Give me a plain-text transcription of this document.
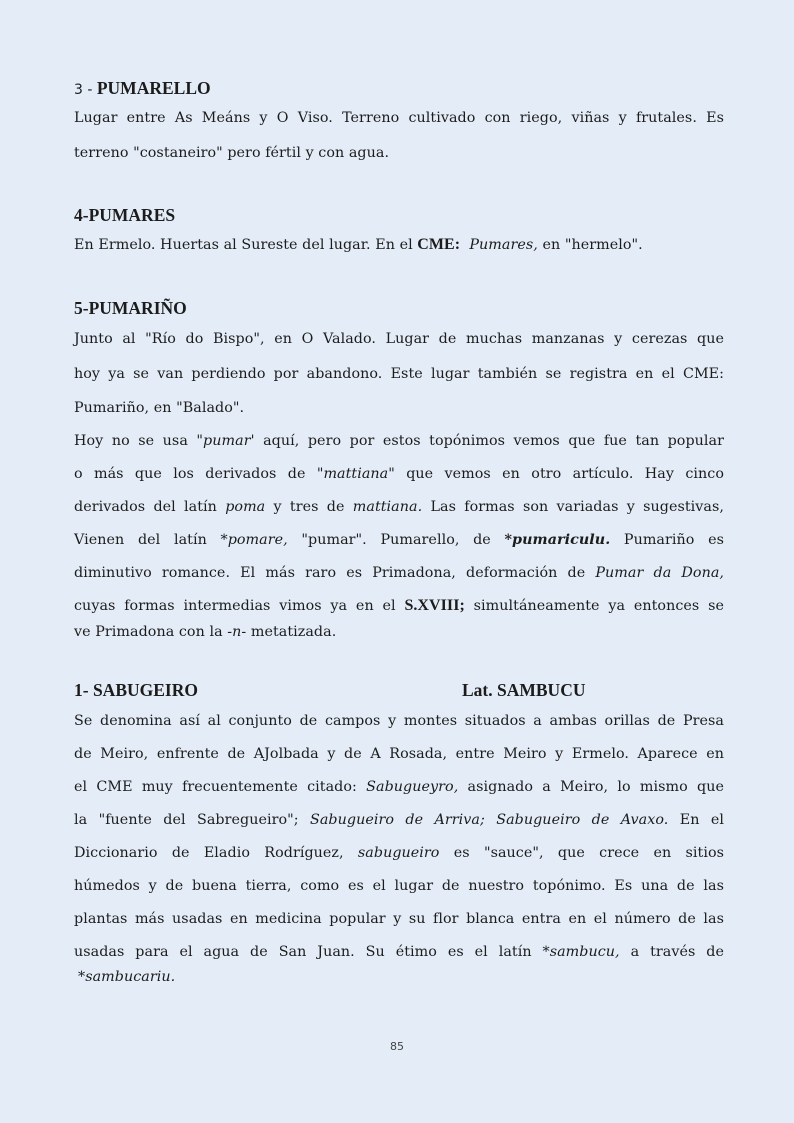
3 - PUMARELLO
Lugar entre As Meáns y O Viso. Terreno cultivado con riego, viñas y frutales. Es
terreno "costaneiro" pero fértil y con agua.
4-PUMARES
En Ermelo. Huertas al Sureste del lugar. En el CME: Pumares, en "hermelo".
5-PUMARIÑO
Junto al "Río do Bispo", en O Valado. Lugar de muchas manzanas y cerezas que
hoy ya se van perdiendo por abandono. Este lugar también se registra en el CME:
Pumariño, en "Balado".
Hoy no se usa "pumar' aquí, pero por estos topónimos vemos que fue tan popular
o más que los derivados de "mattiana" que vemos en otro artículo. Hay cinco
derivados del latín poma y tres de mattiana. Las formas son variadas y sugestivas,
Vienen del latín *pomare, "pumar". Pumarello, de *pumariculu. Pumariño es
diminutivo romance. El más raro es Primadona, deformación de Pumar da Dona,
cuyas formas intermedias vimos ya en el S.XVIII; simultáneamente ya entonces se
ve Primadona con la -n- metatizada.
1- SABUGEIRO	Lat. SAMBUCU
Se denomina así al conjunto de campos y montes situados a ambas orillas de Presa
de Meiro, enfrente de AJolbada y de A Rosada, entre Meiro y Ermelo. Aparece en
el CME muy frecuentemente citado: Sabugueyro, asignado a Meiro, lo mismo que
la "fuente del Sabregueiro"; Sabugueiro de Arriva; Sabugueiro de Avaxo. En el
Diccionario de Eladio Rodríguez, sabugueiro es "sauce", que crece en sitios
húmedos y de buena tierra, como es el lugar de nuestro topónimo. Es una de las
plantas más usadas en medicina popular y su flor blanca entra en el número de las
usadas para el agua de San Juan. Su étimo es el latín *sambucu, a través de
*sambucariu.
85
